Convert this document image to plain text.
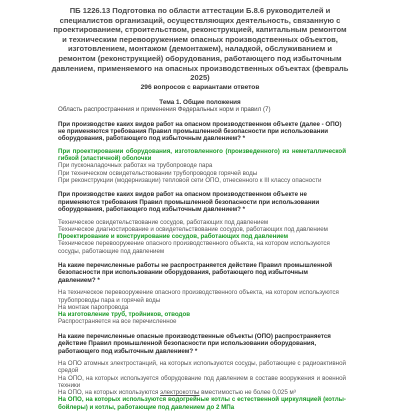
ПБ 1226.13 Подготовка по области аттестации Б.8.6 руководителей и специалистов организаций, осуществляющих деятельность, связанную с проектированием, строительством, реконструкцией, капитальным ремонтом и техническим перевооружением опасных производственных объектов, изготовлением, монтажом (демонтажем), наладкой, обслуживанием и ремонтом (реконструкцией) оборудования, работающего под избыточным давлением, применяемого на опасных производственных объектах (февраль 2025)
296 вопросов с вариантами ответов
Тема 1. Общие положения
Область распространения и применения Федеральных норм и правил (7)
При производстве каких видов работ на опасном производственном объекте (далее - ОПО) не применяются требования Правил промышленной безопасности при использовании оборудования, работающего под избыточным давлением? *
При проектировании оборудования, изготовленного (произведенного) из неметаллической гибкой (эластичной) оболочки
При пусконаладочных работах на трубопроводе пара
При техническом освидетельствовании трубопроводов горячей воды
При реконструкции (модернизации) тепловой сети ОПО, отнесенного к III классу опасности
При производстве каких видов работ на опасном производственном объекте не применяются требования Правил промышленной безопасности при использовании оборудования, работающего под избыточным давлением? *
Техническое освидетельствование сосудов, работающих под давлением
Техническое диагностирование и освидетельствование сосудов, работающих под давлением
Проектирование и конструирование сосудов, работающих под давлением
Техническое перевооружение опасного производственного объекта, на котором используются сосуды, работающие под давлением
На какие перечисленные работы не распространяется действие Правил промышленной безопасности при использовании оборудования, работающего под избыточным давлением? *
На техническое перевооружение опасного производственного объекта, на котором используются трубопроводы пара и горячей воды
На монтаж паропровода
На изготовление труб, тройников, отводов
Распространяется на все перечисленное
На какие перечисленные опасные производственные объекты (ОПО) распространяется действие Правил промышленной безопасности при использовании оборудования, работающего под избыточным давлением? *
На ОПО атомных электростанций, на которых используются сосуды, работающие с радиоактивной средой
На ОПО, на которых используется оборудование под давлением в составе вооружения и военной техники
На ОПО, на которых используются электрокотлы вместимостью не более 0,025 м³
На ОПО, на которых используются водогрейные котлы с естественной циркуляцией (котлы-бойлеры) и котлы, работающие под давлением до 2 МПа
